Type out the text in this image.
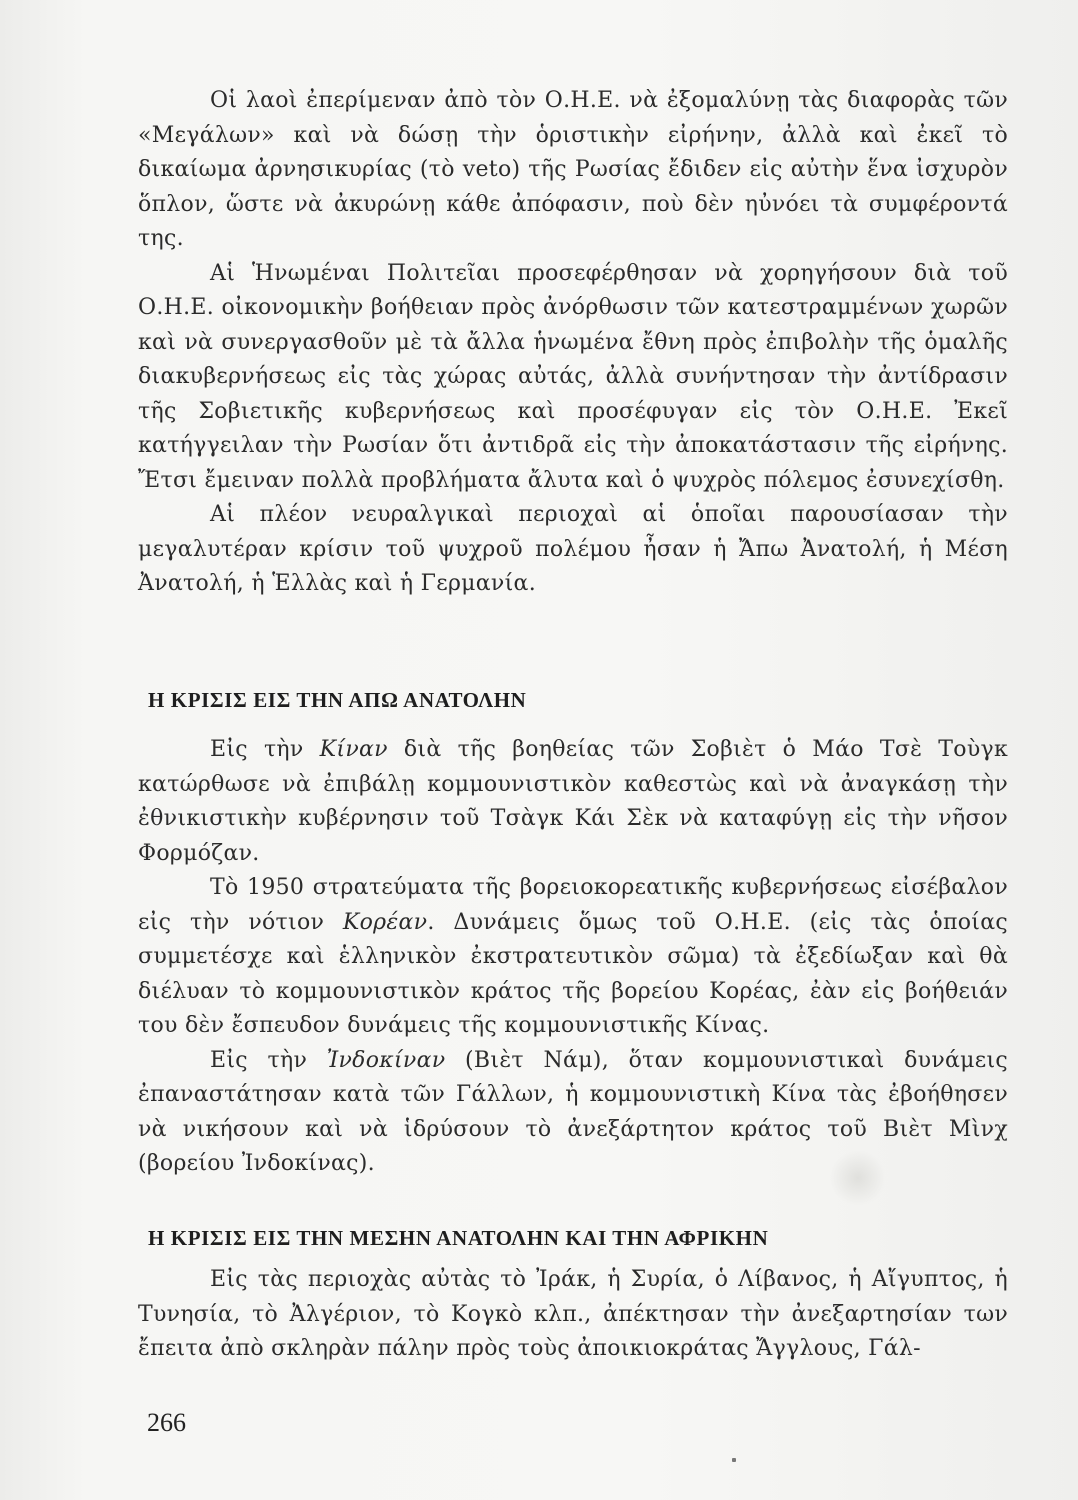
Οἱ λαοὶ ἐπερίμεναν ἀπὸ τὸν Ο.Η.Ε. νὰ ἐξομαλύνῃ τὰς διαφορὰς τῶν «Μεγάλων» καὶ νὰ δώσῃ τὴν ὁριστικὴν εἰρήνην, ἀλλὰ καὶ ἐκεῖ τὸ δικαίωμα ἀρνησικυρίας (τὸ veto) τῆς Ρωσίας ἔδιδεν εἰς αὐτὴν ἕνα ἰσχυρὸν ὅπλον, ὥστε νὰ ἀκυρώνῃ κάθε ἀπόφασιν, ποὺ δὲν ηὐνόει τὰ συμφέροντά της.

Αἱ Ἡνωμέναι Πολιτεῖαι προσεφέρθησαν νὰ χορηγήσουν διὰ τοῦ Ο.Η.Ε. οἰκονομικὴν βοήθειαν πρὸς ἀνόρθωσιν τῶν κατεστραμμένων χωρῶν καὶ νὰ συνεργασθοῦν μὲ τὰ ἄλλα ἡνωμένα ἔθνη πρὸς ἐπιβολὴν τῆς ὁμαλῆς διακυβερνήσεως εἰς τὰς χώρας αὐτάς, ἀλλὰ συνήντησαν τὴν ἀντίδρασιν τῆς Σοβιετικῆς κυβερνήσεως καὶ προσέφυγαν εἰς τὸν Ο.Η.Ε. Ἐκεῖ κατήγγειλαν τὴν Ρωσίαν ὅτι ἀντιδρᾶ εἰς τὴν ἀποκατάστασιν τῆς εἰρήνης. Ἔτσι ἔμειναν πολλὰ προβλήματα ἄλυτα καὶ ὁ ψυχρὸς πόλεμος ἐσυνεχίσθη.

Αἱ πλέον νευραλγικαὶ περιοχαὶ αἱ ὁποῖαι παρουσίασαν τὴν μεγαλυτέραν κρίσιν τοῦ ψυχροῦ πολέμου ἦσαν ἡ Ἄπω Ἀνατολή, ἡ Μέση Ἀνατολή, ἡ Ἑλλὰς καὶ ἡ Γερμανία.

Η ΚΡΙΣΙΣ ΕΙΣ ΤΗΝ ΑΠΩ ΑΝΑΤΟΛΗΝ

Εἰς τὴν Κίναν διὰ τῆς βοηθείας τῶν Σοβιὲτ ὁ Μάο Τσὲ Τοὺγκ κατώρθωσε νὰ ἐπιβάλῃ κομμουνιστικὸν καθεστὼς καὶ νὰ ἀναγκάσῃ τὴν ἐθνικιστικὴν κυβέρνησιν τοῦ Τσὰγκ Κάι Σὲκ νὰ καταφύγῃ εἰς τὴν νῆσον Φορμόζαν.

Τὸ 1950 στρατεύματα τῆς βορειοκορεατικῆς κυβερνήσεως εἰσέβαλον εἰς τὴν νότιον Κορέαν. Δυνάμεις ὅμως τοῦ Ο.Η.Ε. (εἰς τὰς ὁποίας συμμετέσχε καὶ ἑλληνικὸν ἐκστρατευτικὸν σῶμα) τὰ ἐξεδίωξαν καὶ θὰ διέλυαν τὸ κομμουνιστικὸν κράτος τῆς βορείου Κορέας, ἐὰν εἰς βοήθειάν του δὲν ἔσπευδον δυνάμεις τῆς κομμουνιστικῆς Κίνας.

Εἰς τὴν Ἰνδοκίναν (Βιὲτ Νάμ), ὅταν κομμουνιστικαὶ δυνάμεις ἐπαναστάτησαν κατὰ τῶν Γάλλων, ἡ κομμουνιστικὴ Κίνα τὰς ἐβοήθησεν νὰ νικήσουν καὶ νὰ ἱδρύσουν τὸ ἀνεξάρτητον κράτος τοῦ Βιὲτ Μὶνχ (βορείου Ἰνδοκίνας).

Η ΚΡΙΣΙΣ ΕΙΣ ΤΗΝ ΜΕΣΗΝ ΑΝΑΤΟΛΗΝ ΚΑΙ ΤΗΝ ΑΦΡΙΚΗΝ

Εἰς τὰς περιοχὰς αὐτὰς τὸ Ἰράκ, ἡ Συρία, ὁ Λίβανος, ἡ Αἴγυπτος, ἡ Τυνησία, τὸ Ἀλγέριον, τὸ Κογκὸ κλπ., ἀπέκτησαν τὴν ἀνεξαρτησίαν των ἔπειτα ἀπὸ σκληρὰν πάλην πρὸς τοὺς ἀποικιοκράτας Ἄγγλους, Γάλ-

266
